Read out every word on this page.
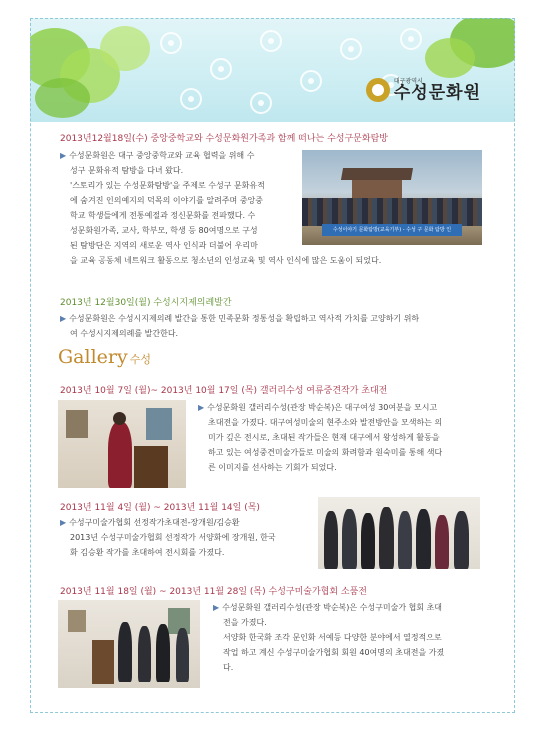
대구광역시
수성문화원
2013년12월18일(수) 중앙중학교와 수성문화원가족과 함께 떠나는 수성구문화탐방
▶ 수성문화원은 대구 중앙중학교와 교육 협력을 위해 수
성구 문화유적 탐방을 다녀 왔다.
'스토리가 있는 수성문화탐방'을 주제로 수성구 문화유적
에 숨겨진 인의예지의 덕목의 이야기를 알려주며 중앙중
학교 학생들에게 전통예절과 정신문화를 전파했다. 수
성문화원가족, 교사, 학부모, 학생 등 80여명으로 구성
된 탐방단은 지역의 새로운 역사 인식과 더불어 우리마
을 교육 공동체 네트워크 활동으로 청소년의 인성교육 및 역사 인식에 많은 도움이 되었다.
수성이야기 문화탐방(교육기부) - 수성 구 문화 탐방 인
2013년 12월30일(월) 수성시지제의례발간
▶ 수성문화원은 수성시지제의례 발간을 통한 민족문화 정통성을 확립하고 역사적 가치를 고양하기 위하
여 수성시지제의례를 발간한다.
Gallery 수성
2013년 10월 7일 (월)~ 2013년 10월 17일 (목) 갤러리수성 여류중견작가 초대전
▶ 수성문화원 갤러리수성(관장 박순복)은 대구여성 30여분을 모시고
초대전을 가졌다. 대구여성미술의 현주소와 발전방안을 모색하는 의
미가 깊은 전시로, 초대된 작가들은 현재 대구에서 왕성하게 활동을
하고 있는 여성중견미술가들로 미술의 화려함과 원숙미를 통해 색다
른 이미지를 선사하는 기회가 되었다.
2013년 11월 4일 (월) ~ 2013년 11월 14일 (목)
▶ 수성구미술가협회 선정작가초대전-장개원/김승환
2013년 수성구미술가협회 선정작가 서양화에 장개원, 한국
화 김승환 작가를 초대하여 전시회를 가졌다.
2013년 11월 18일 (월) ~ 2013년 11월 28일 (목) 수성구미술가협회 소품전
▶ 수성문화원 갤러리수성(관장 박순복)은 수성구미술가 협회 초대
전을 가졌다.
서양화 한국화 조각 문인화 서예등 다양한 분야에서 열정적으로
작업 하고 계신 수성구미술가협회 회원 40여명의 초대전을 가졌
다.
